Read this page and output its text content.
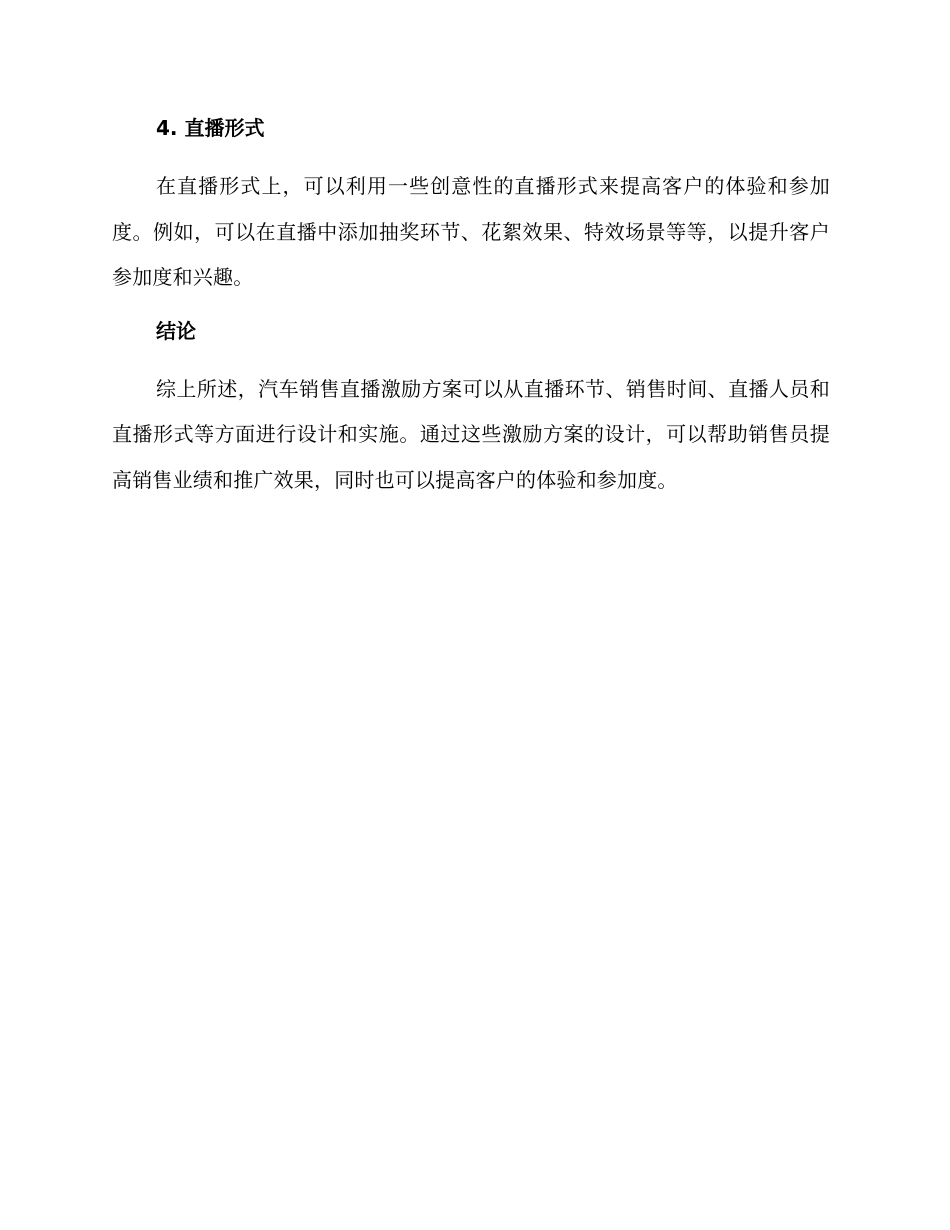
4. 直播形式

在直播形式上，可以利用一些创意性的直播形式来提高客户的体验和参加度。例如，可以在直播中添加抽奖环节、花絮效果、特效场景等等，以提升客户参加度和兴趣。

结论

综上所述，汽车销售直播激励方案可以从直播环节、销售时间、直播人员和直播形式等方面进行设计和实施。通过这些激励方案的设计，可以帮助销售员提高销售业绩和推广效果，同时也可以提高客户的体验和参加度。
